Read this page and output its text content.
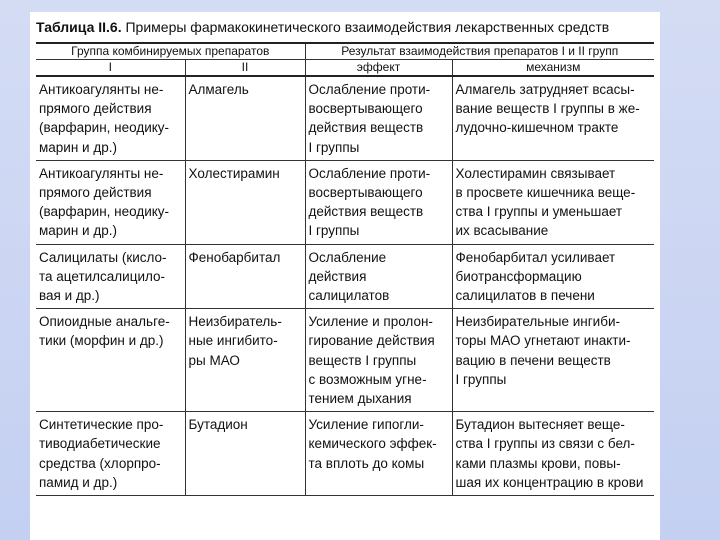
Таблица II.6. Примеры фармакокинетического взаимодействия лекарственных средств
Группа комбинируемых препаратов		Результат взаимодействия препаратов I и II групп	
I	II	эффект	механизм

Антикоагулянты не-
прямого действия
(варфарин, неодику-
марин и др.)	Алмагель	Ослабление проти-
восвертывающего
действия веществ
I группы	Алмагель затрудняет всасы-
вание веществ I группы в же-
лудочно-кишечном тракте

Антикоагулянты не-
прямого действия
(варфарин, неодику-
марин и др.)	Холестирамин	Ослабление проти-
восвертывающего
действия веществ
I группы	Холестирамин связывает
в просвете кишечника веще-
ства I группы и уменьшает
их всасывание

Салицилаты (кисло-
та ацетилсалицило-
вая и др.)	Фенобарбитал	Ослабление
действия
салицилатов	Фенобарбитал усиливает
биотрансформацию
салицилатов в печени

Опиоидные анальге-
тики (морфин и др.)	Неизбиратель-
ные ингибито-
ры МАО	Усиление и пролон-
гирование действия
веществ I группы
с возможным угне-
тением дыхания	Неизбирательные ингиби-
торы МАО угнетают инакти-
вацию в печени веществ
I группы

Синтетические про-
тиводиабетические
средства (хлорпро-
памид и др.)	Бутадион	Усиление гипогли-
кемического эффек-
та вплоть до комы	Бутадион вытесняет веще-
ства I группы из связи с бел-
ками плазмы крови, повы-
шая их концентрацию в крови
